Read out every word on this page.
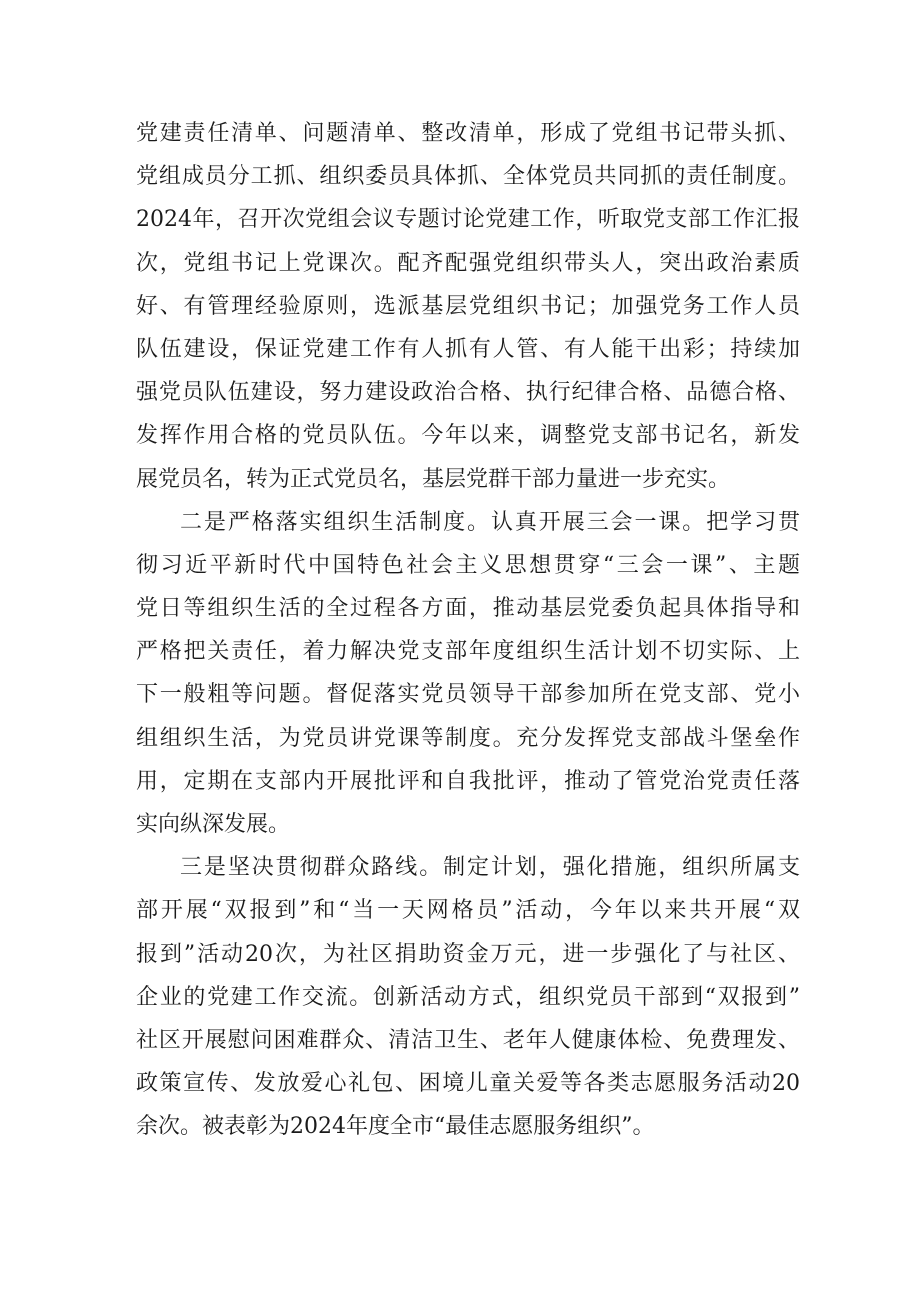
党建责任清单、问题清单、整改清单，形成了党组书记带头抓、
党组成员分工抓、组织委员具体抓、全体党员共同抓的责任制度。
2024年，召开次党组会议专题讨论党建工作，听取党支部工作汇报
次，党组书记上党课次。配齐配强党组织带头人，突出政治素质
好、有管理经验原则，选派基层党组织书记；加强党务工作人员
队伍建设，保证党建工作有人抓有人管、有人能干出彩；持续加
强党员队伍建设，努力建设政治合格、执行纪律合格、品德合格、
发挥作用合格的党员队伍。今年以来，调整党支部书记名，新发
展党员名，转为正式党员名，基层党群干部力量进一步充实。
二是严格落实组织生活制度。认真开展三会一课。把学习贯
彻习近平新时代中国特色社会主义思想贯穿“三会一课”、主题
党日等组织生活的全过程各方面，推动基层党委负起具体指导和
严格把关责任，着力解决党支部年度组织生活计划不切实际、上
下一般粗等问题。督促落实党员领导干部参加所在党支部、党小
组组织生活，为党员讲党课等制度。充分发挥党支部战斗堡垒作
用，定期在支部内开展批评和自我批评，推动了管党治党责任落
实向纵深发展。
三是坚决贯彻群众路线。制定计划，强化措施，组织所属支
部开展“双报到”和“当一天网格员”活动，今年以来共开展“双
报到”活动20次，为社区捐助资金万元，进一步强化了与社区、
企业的党建工作交流。创新活动方式，组织党员干部到“双报到”
社区开展慰问困难群众、清洁卫生、老年人健康体检、免费理发、
政策宣传、发放爱心礼包、困境儿童关爱等各类志愿服务活动20
余次。被表彰为2024年度全市“最佳志愿服务组织”。
